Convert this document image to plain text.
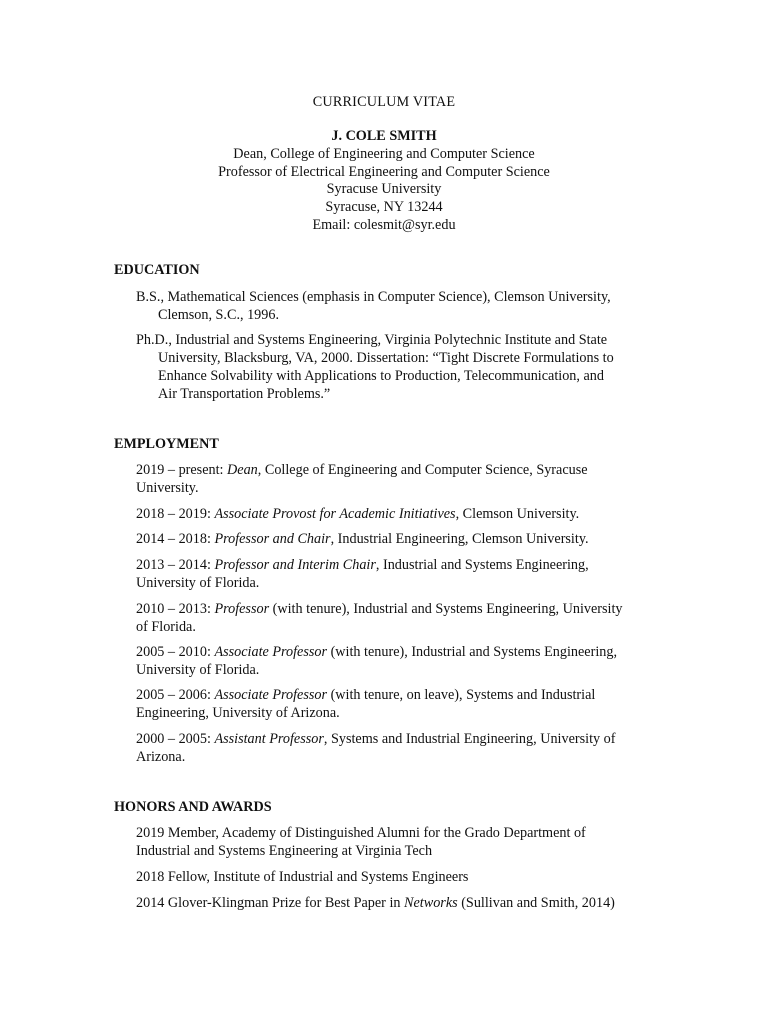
CURRICULUM VITAE
J. COLE SMITH
Dean, College of Engineering and Computer Science
Professor of Electrical Engineering and Computer Science
Syracuse University
Syracuse, NY 13244
Email: colesmit@syr.edu
EDUCATION
B.S., Mathematical Sciences (emphasis in Computer Science), Clemson University,
Clemson, S.C., 1996.
Ph.D., Industrial and Systems Engineering, Virginia Polytechnic Institute and State
University, Blacksburg, VA, 2000. Dissertation: “Tight Discrete Formulations to
Enhance Solvability with Applications to Production, Telecommunication, and
Air Transportation Problems.”
EMPLOYMENT
2019 – present: Dean, College of Engineering and Computer Science, Syracuse
University.
2018 – 2019: Associate Provost for Academic Initiatives, Clemson University.
2014 – 2018: Professor and Chair, Industrial Engineering, Clemson University.
2013 – 2014: Professor and Interim Chair, Industrial and Systems Engineering,
University of Florida.
2010 – 2013: Professor (with tenure), Industrial and Systems Engineering, University
of Florida.
2005 – 2010: Associate Professor (with tenure), Industrial and Systems Engineering,
University of Florida.
2005 – 2006: Associate Professor (with tenure, on leave), Systems and Industrial
Engineering, University of Arizona.
2000 – 2005: Assistant Professor, Systems and Industrial Engineering, University of
Arizona.
HONORS AND AWARDS
2019 Member, Academy of Distinguished Alumni for the Grado Department of
Industrial and Systems Engineering at Virginia Tech
2018 Fellow, Institute of Industrial and Systems Engineers
2014 Glover-Klingman Prize for Best Paper in Networks (Sullivan and Smith, 2014)
